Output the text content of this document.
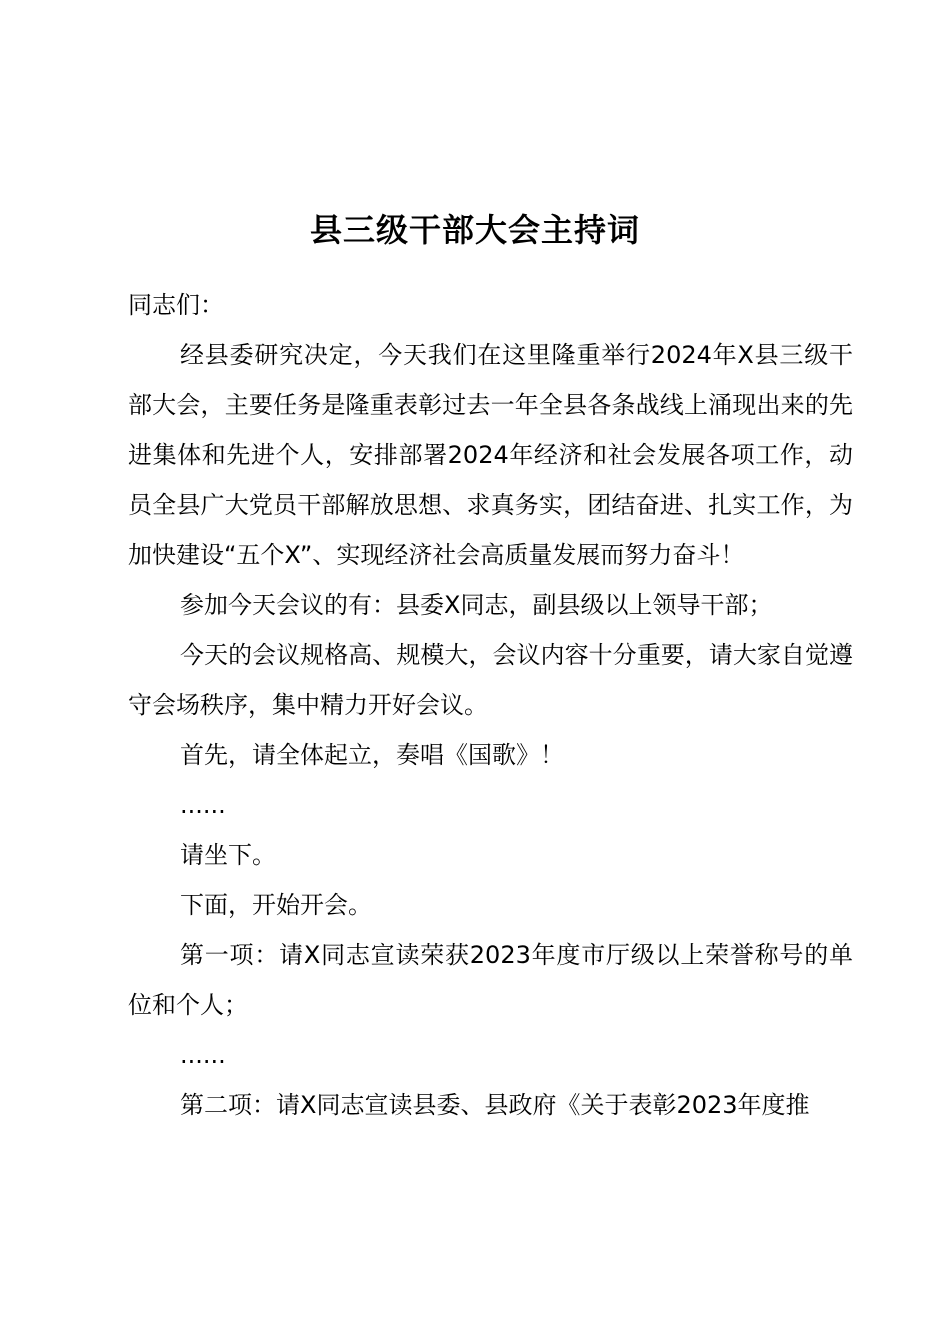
县三级干部大会主持词

同志们：

经县委研究决定，今天我们在这里隆重举行2024年X县三级干部大会，主要任务是隆重表彰过去一年全县各条战线上涌现出来的先进集体和先进个人，安排部署2024年经济和社会发展各项工作，动员全县广大党员干部解放思想、求真务实，团结奋进、扎实工作，为加快建设“五个X”、实现经济社会高质量发展而努力奋斗！

参加今天会议的有：县委X同志，副县级以上领导干部；

今天的会议规格高、规模大，会议内容十分重要，请大家自觉遵守会场秩序，集中精力开好会议。

首先，请全体起立，奏唱《国歌》！

......

请坐下。

下面，开始开会。

第一项：请X同志宣读荣获2023年度市厅级以上荣誉称号的单位和个人；

......

第二项：请X同志宣读县委、县政府《关于表彰2023年度推
